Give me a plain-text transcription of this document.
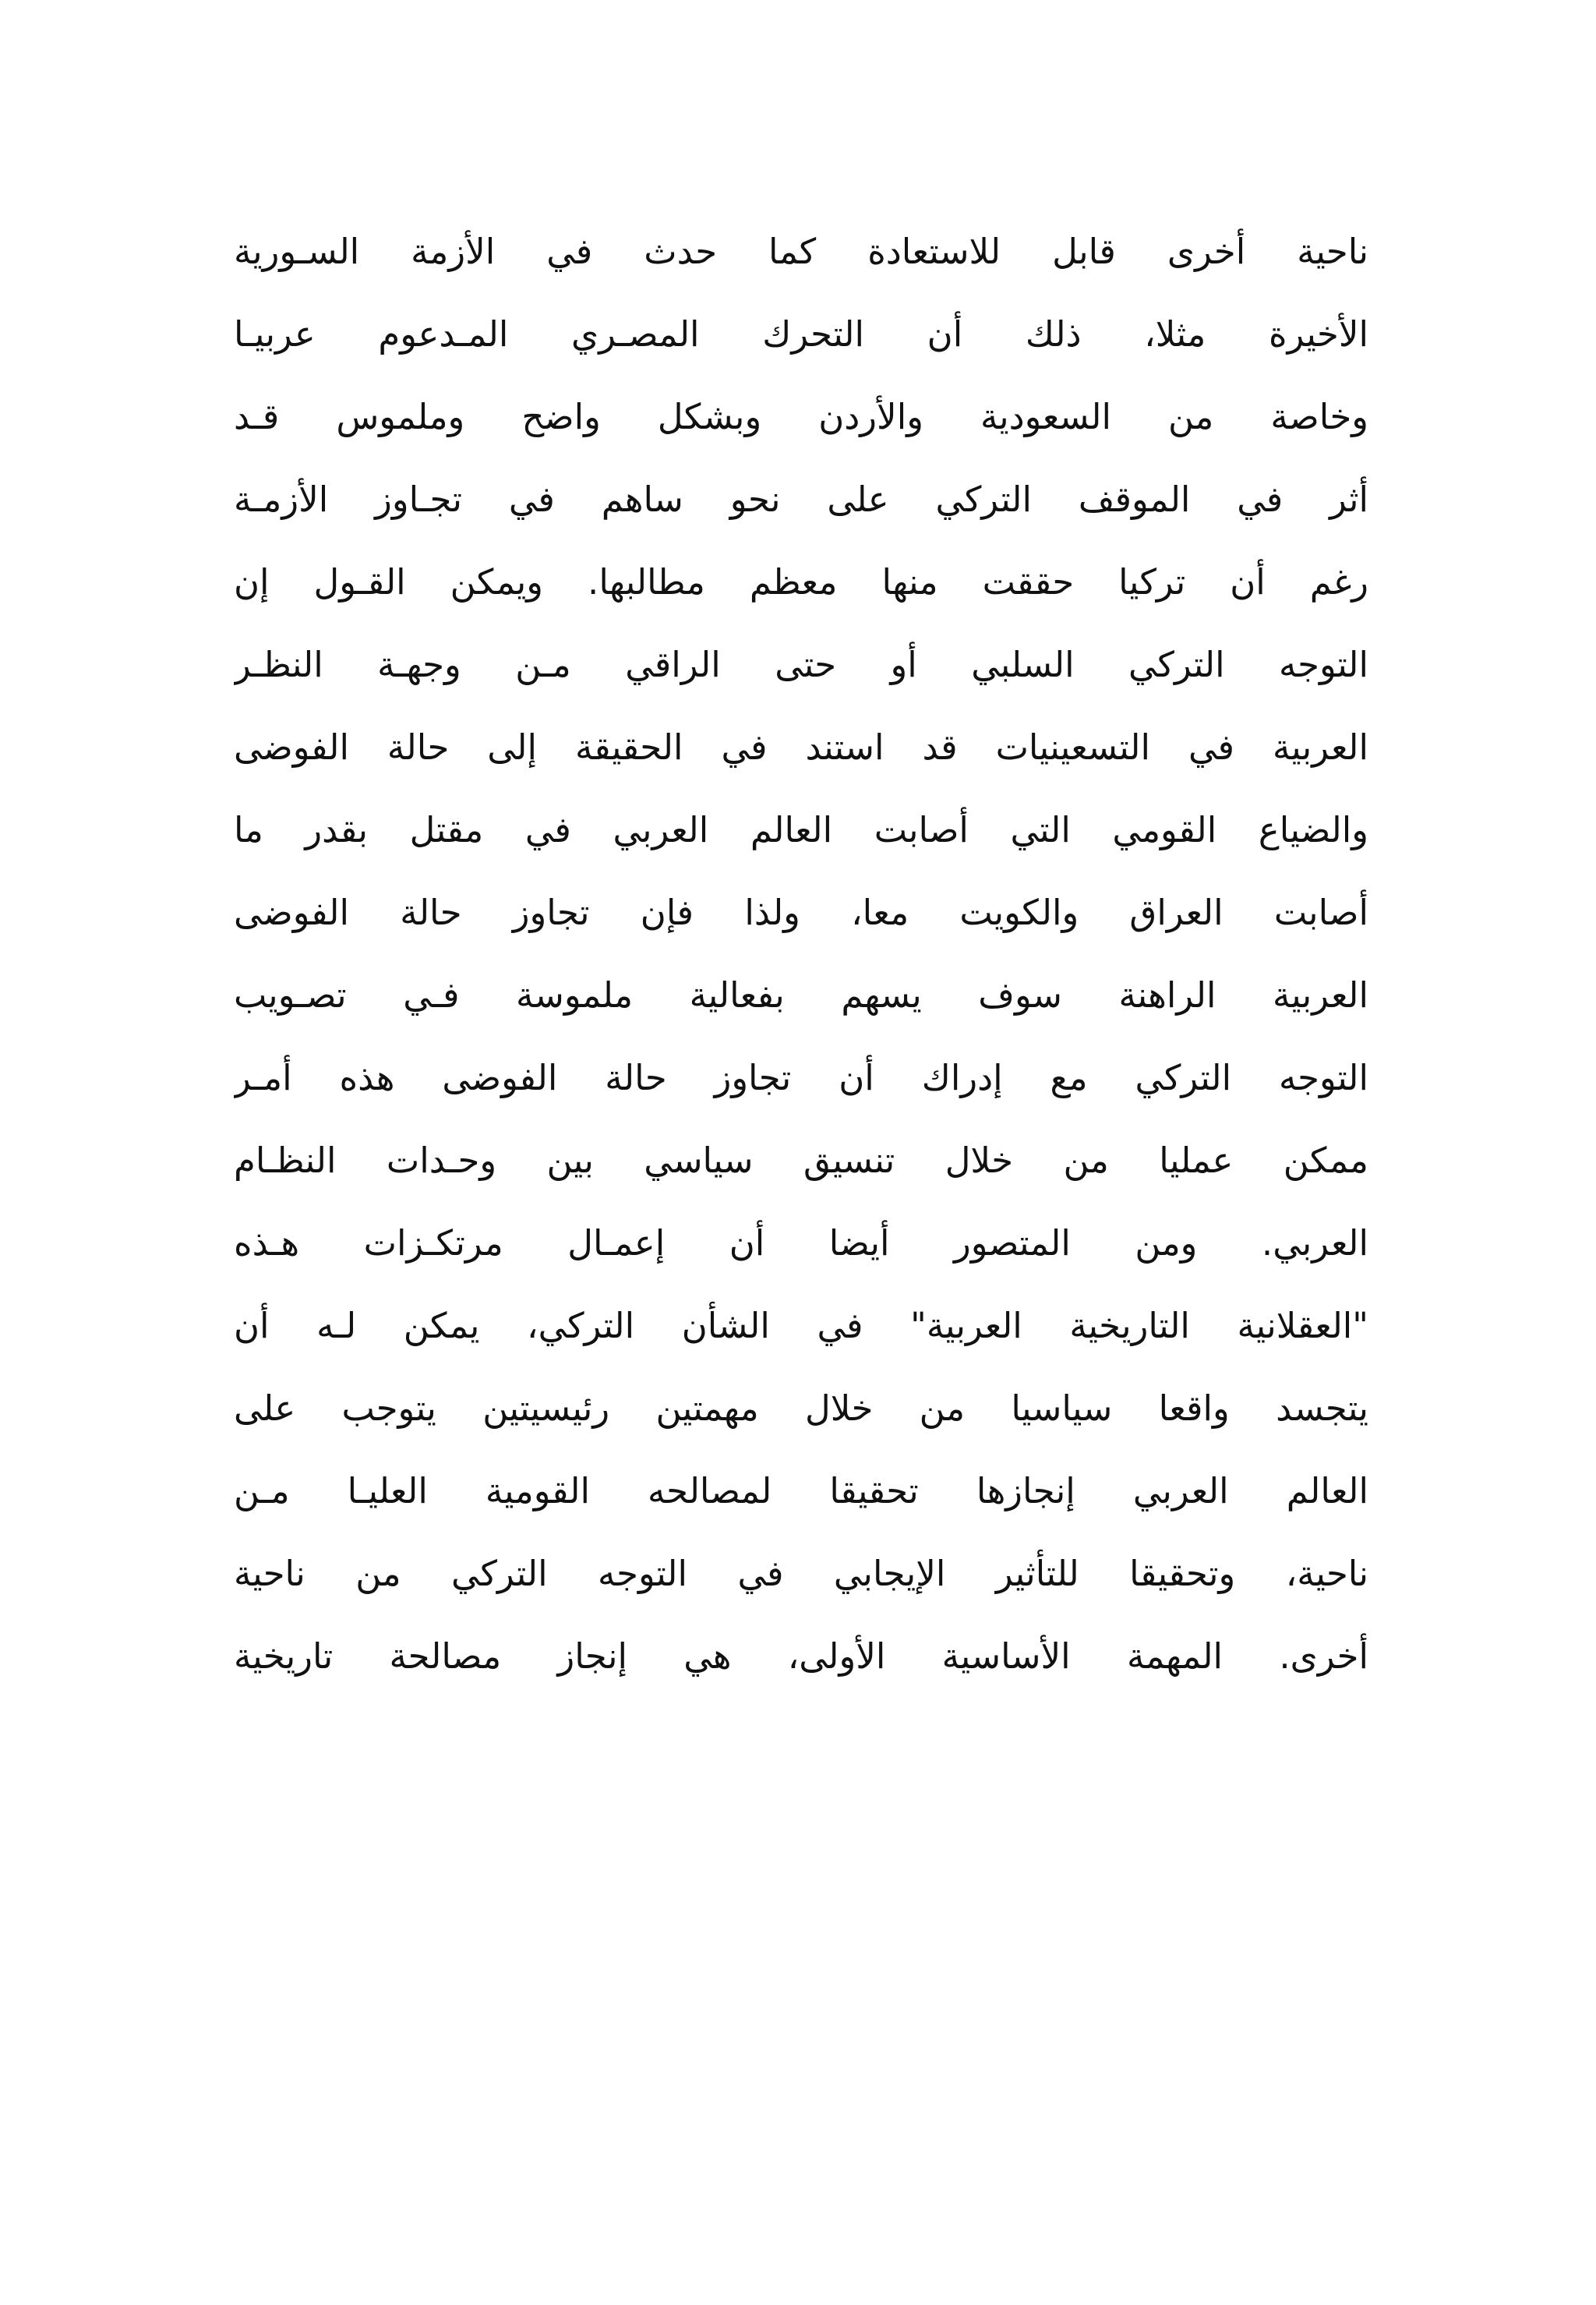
ناحية أخرى قابل للاستعادة كما حدث في الأزمة السـورية
الأخيرة مثلا، ذلك أن التحرك المصـري المـدعوم عربيـا
وخاصة من السعودية والأردن وبشكل واضح وملموس قـد
أثر في الموقف التركي على نحو ساهم في تجـاوز الأزمـة
رغم أن تركيا حققت منها معظم مطالبها. ويمكن القـول إن
التوجه التركي السلبي أو حتى الراقي مـن وجهـة النظـر
العربية في التسعينيات قد استند في الحقيقة إلى حالة الفوضى
والضياع القومي التي أصابت العالم العربي في مقتل بقدر ما
أصابت العراق والكويت معا، ولذا فإن تجاوز حالة الفوضى
العربية الراهنة سوف يسهم بفعالية ملموسة فـي تصـويب
التوجه التركي مع إدراك أن تجاوز حالة الفوضى هذه أمـر
ممكن عمليا من خلال تنسيق سياسي بين وحـدات النظـام
العربي. ومن المتصور أيضا أن إعمـال مرتكـزات هـذه
"العقلانية التاريخية العربية" في الشأن التركي، يمكن لـه أن
يتجسد واقعا سياسيا من خلال مهمتين رئيسيتين يتوجب على
العالم العربي إنجازها تحقيقا لمصالحه القومية العليـا مـن
ناحية، وتحقيقا للتأثير الإيجابي في التوجه التركي من ناحية
أخرى. المهمة الأساسية الأولى، هي إنجاز مصالحة تاريخية
